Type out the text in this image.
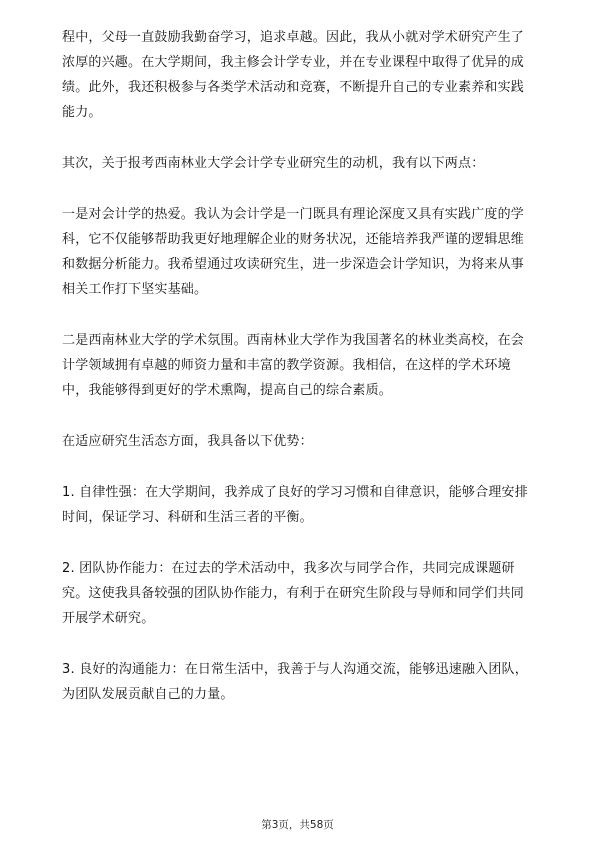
程中，父母一直鼓励我勤奋学习，追求卓越。因此，我从小就对学术研究产生了浓厚的兴趣。在大学期间，我主修会计学专业，并在专业课程中取得了优异的成绩。此外，我还积极参与各类学术活动和竞赛，不断提升自己的专业素养和实践能力。

其次，关于报考西南林业大学会计学专业研究生的动机，我有以下两点：

一是对会计学的热爱。我认为会计学是一门既具有理论深度又具有实践广度的学科，它不仅能够帮助我更好地理解企业的财务状况，还能培养我严谨的逻辑思维和数据分析能力。我希望通过攻读研究生，进一步深造会计学知识，为将来从事相关工作打下坚实基础。

二是西南林业大学的学术氛围。西南林业大学作为我国著名的林业类高校，在会计学领域拥有卓越的师资力量和丰富的教学资源。我相信，在这样的学术环境中，我能够得到更好的学术熏陶，提高自己的综合素质。

在适应研究生活态方面，我具备以下优势：

1. 自律性强：在大学期间，我养成了良好的学习习惯和自律意识，能够合理安排时间，保证学习、科研和生活三者的平衡。

2. 团队协作能力：在过去的学术活动中，我多次与同学合作，共同完成课题研究。这使我具备较强的团队协作能力，有利于在研究生阶段与导师和同学们共同开展学术研究。

3. 良好的沟通能力：在日常生活中，我善于与人沟通交流，能够迅速融入团队，为团队发展贡献自己的力量。

第3页，共58页
